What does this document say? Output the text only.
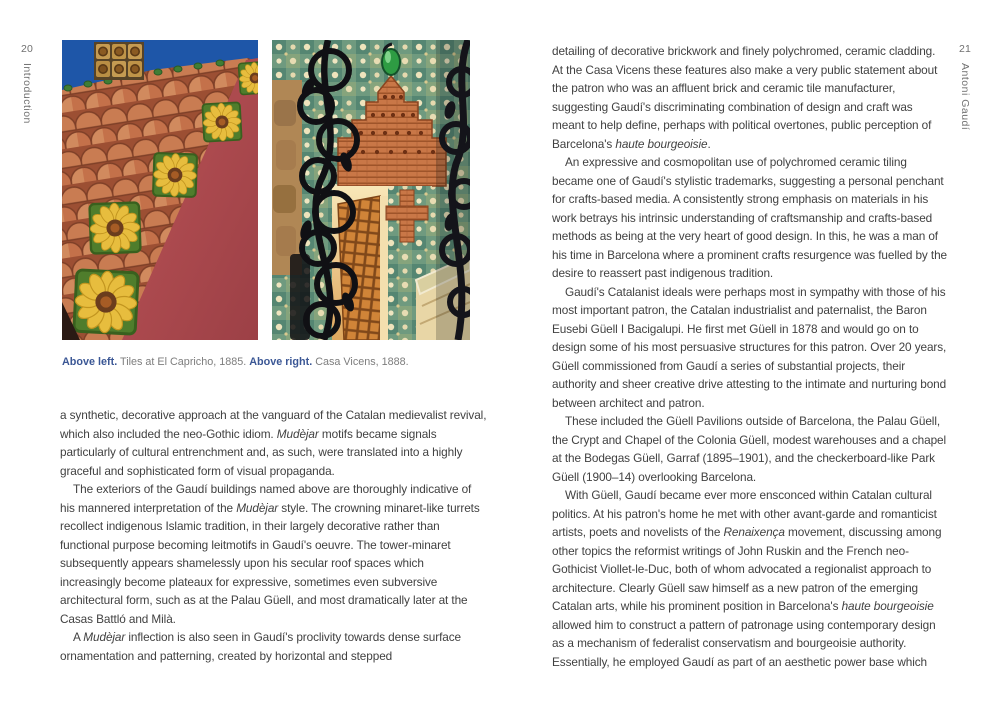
20
Introduction
21
Antoni Gaudí

Above left. Tiles at El Capricho, 1885. Above right. Casa Vicens, 1888.

a synthetic, decorative approach at the vanguard of the Catalan medievalist revival, which also included the neo-Gothic idiom. Mudèjar motifs became signals particularly of cultural entrenchment and, as such, were translated into a highly graceful and sophisticated form of visual propaganda.

The exteriors of the Gaudí buildings named above are thoroughly indicative of his mannered interpretation of the Mudèjar style. The crowning minaret-like turrets recollect indigenous Islamic tradition, in their largely decorative rather than functional purpose becoming leitmotifs in Gaudí's oeuvre. The tower-minaret subsequently appears shamelessly upon his secular roof spaces which increasingly become plateaux for expressive, sometimes even subversive architectural form, such as at the Palau Güell, and most dramatically later at the Casas Battló and Milà.

A Mudèjar inflection is also seen in Gaudí's proclivity towards dense surface ornamentation and patterning, created by horizontal and stepped

detailing of decorative brickwork and finely polychromed, ceramic cladding. At the Casa Vicens these features also make a very public statement about the patron who was an affluent brick and ceramic tile manufacturer, suggesting Gaudí's discriminating combination of design and craft was meant to help define, perhaps with political overtones, public perception of Barcelona's haute bourgeoisie.

An expressive and cosmopolitan use of polychromed ceramic tiling became one of Gaudí's stylistic trademarks, suggesting a personal penchant for crafts-based media. A consistently strong emphasis on materials in his work betrays his intrinsic understanding of craftsmanship and crafts-based methods as being at the very heart of good design. In this, he was a man of his time in Barcelona where a prominent crafts resurgence was fuelled by the desire to reassert past indigenous tradition.

Gaudí's Catalanist ideals were perhaps most in sympathy with those of his most important patron, the Catalan industrialist and paternalist, the Baron Eusebi Güell I Bacigalupi. He first met Güell in 1878 and would go on to design some of his most persuasive structures for this patron. Over 20 years, Güell commissioned from Gaudí a series of substantial projects, their authority and sheer creative drive attesting to the intimate and nurturing bond between architect and patron.

These included the Güell Pavilions outside of Barcelona, the Palau Güell, the Crypt and Chapel of the Colonia Güell, modest warehouses and a chapel at the Bodegas Güell, Garraf (1895–1901), and the checkerboard-like Park Güell (1900–14) overlooking Barcelona.

With Güell, Gaudí became ever more ensconced within Catalan cultural politics. At his patron's home he met with other avant-garde and romanticist artists, poets and novelists of the Renaixença movement, discussing among other topics the reformist writings of John Ruskin and the French neo-Gothicist Viollet-le-Duc, both of whom advocated a regionalist approach to architecture. Clearly Güell saw himself as a new patron of the emerging Catalan arts, while his prominent position in Barcelona's haute bourgeoisie allowed him to construct a pattern of patronage using contemporary design as a mechanism of federalist conservatism and bourgeoisie authority. Essentially, he employed Gaudí as part of an aesthetic power base which
